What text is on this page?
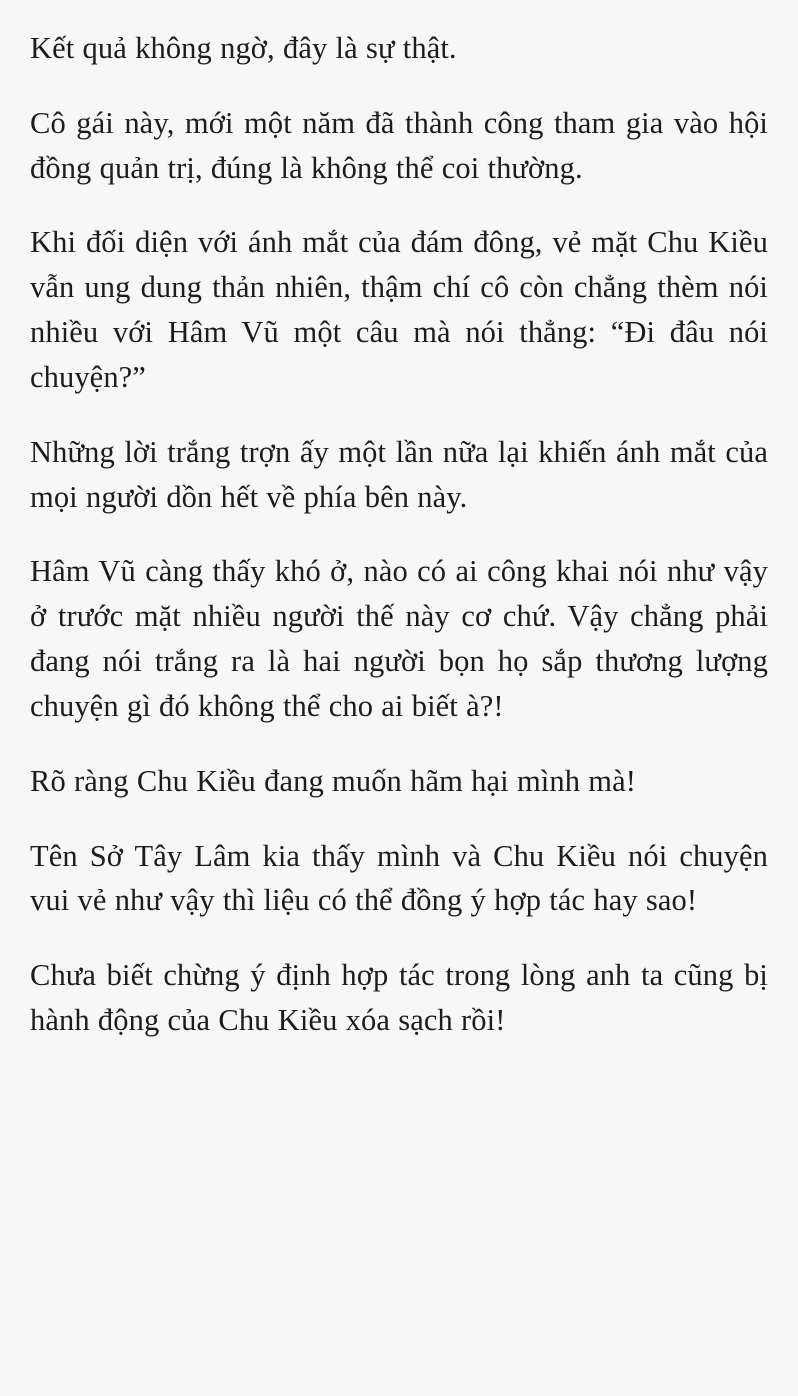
Kết quả không ngờ, đây là sự thật.

Cô gái này, mới một năm đã thành công tham gia vào hội đồng quản trị, đúng là không thể coi thường.

Khi đối diện với ánh mắt của đám đông, vẻ mặt Chu Kiều vẫn ung dung thản nhiên, thậm chí cô còn chẳng thèm nói nhiều với Hâm Vũ một câu mà nói thẳng: “Đi đâu nói chuyện?”

Những lời trắng trợn ấy một lần nữa lại khiến ánh mắt của mọi người dồn hết về phía bên này.

Hâm Vũ càng thấy khó ở, nào có ai công khai nói như vậy ở trước mặt nhiều người thế này cơ chứ. Vậy chẳng phải đang nói trắng ra là hai người bọn họ sắp thương lượng chuyện gì đó không thể cho ai biết à?!

Rõ ràng Chu Kiều đang muốn hãm hại mình mà!

Tên Sở Tây Lâm kia thấy mình và Chu Kiều nói chuyện vui vẻ như vậy thì liệu có thể đồng ý hợp tác hay sao!

Chưa biết chừng ý định hợp tác trong lòng anh ta cũng bị hành động của Chu Kiều xóa sạch rồi!
